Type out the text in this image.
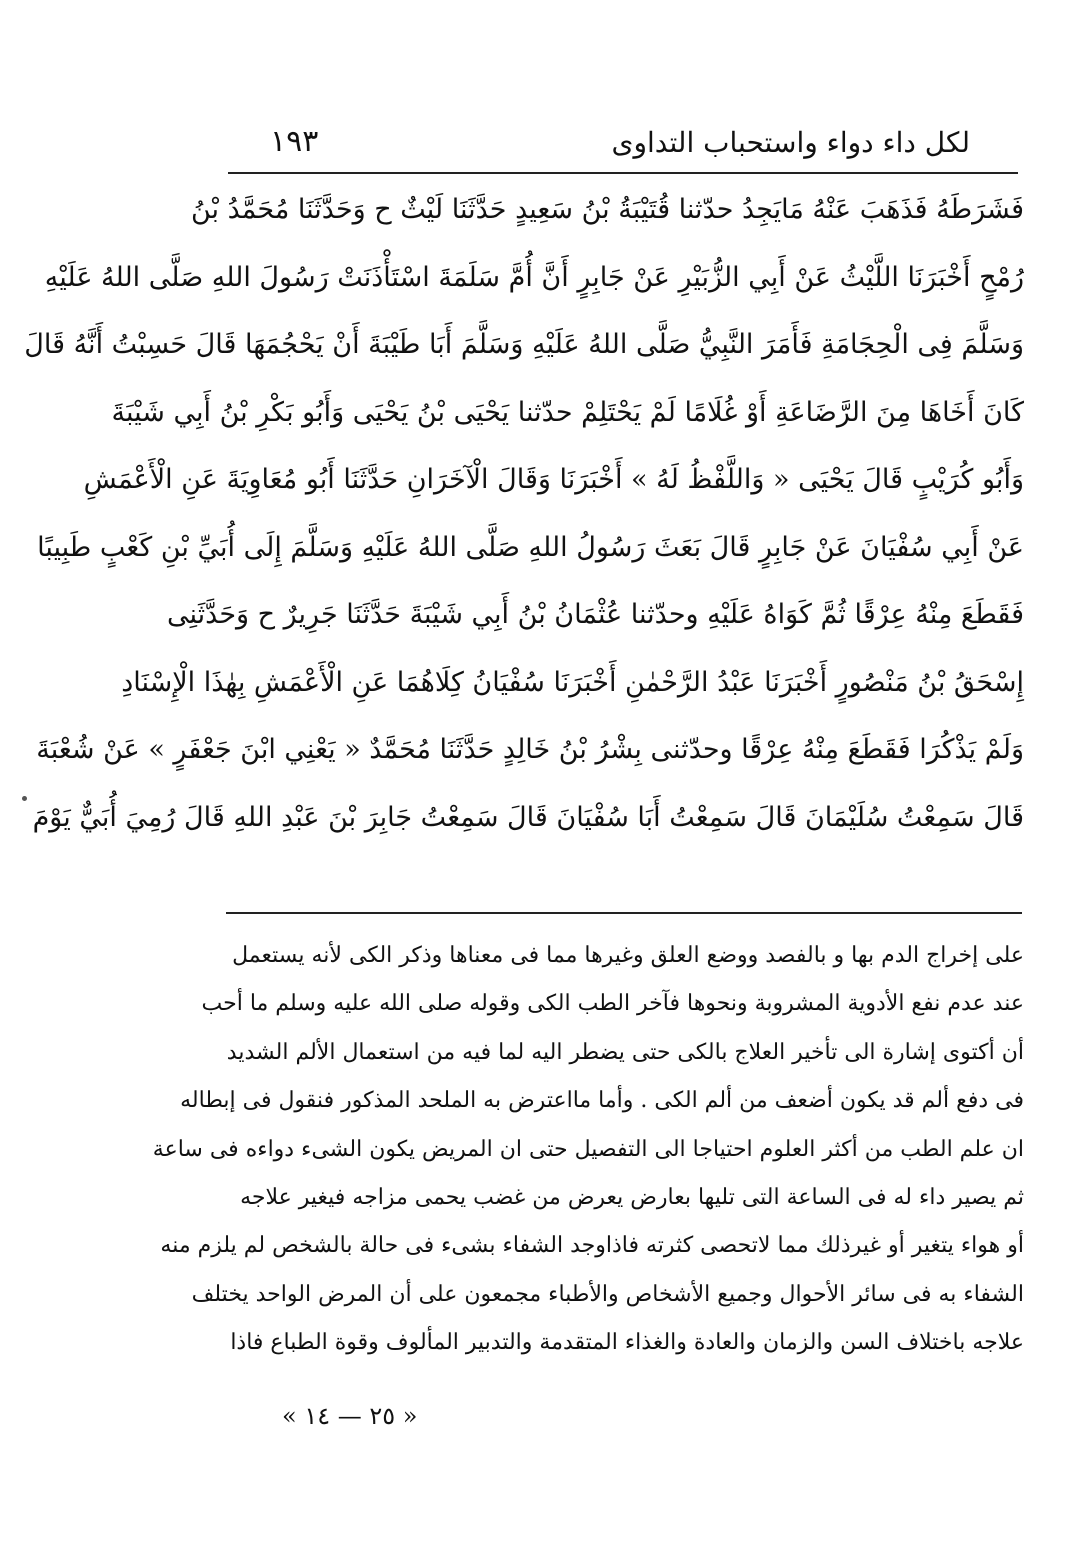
لكل داء دواء واستحباب التداوى
١٩٣
فَشَرَطَهُ فَذَهَبَ عَنْهُ مَايَجِدُ حدّثنا قُتَيْبَةُ بْنُ سَعِيدٍ حَدَّثَنَا لَيْثٌ ح وَحَدَّثَنَا مُحَمَّدُ بْنُ
رُمْحٍ أَخْبَرَنَا اللَّيْثُ عَنْ أَبِي الزُّبَيْرِ عَنْ جَابِرٍ أَنَّ أُمَّ سَلَمَةَ اسْتَأْذَنَتْ رَسُولَ اللهِ صَلَّى اللهُ عَلَيْهِ
وَسَلَّمَ فِى الْحِجَامَةِ فَأَمَرَ النَّبِيُّ صَلَّى اللهُ عَلَيْهِ وَسَلَّمَ أَبَا طَيْبَةَ أَنْ يَحْجُمَهَا قَالَ حَسِبْتُ أَنَّهُ قَالَ
كَانَ أَخَاهَا مِنَ الرَّضَاعَةِ أَوْ غُلَامًا لَمْ يَحْتَلِمْ حدّثنا يَحْيَى بْنُ يَحْيَى وَأَبُو بَكْرِ بْنُ أَبِي شَيْبَةَ
وَأَبُو كُرَيْبٍ قَالَ يَحْيَى « وَاللَّفْظُ لَهُ » أَخْبَرَنَا وَقَالَ الْآخَرَانِ حَدَّثَنَا أَبُو مُعَاوِيَةَ عَنِ الْأَعْمَشِ
عَنْ أَبِي سُفْيَانَ عَنْ جَابِرٍ قَالَ بَعَثَ رَسُولُ اللهِ صَلَّى اللهُ عَلَيْهِ وَسَلَّمَ إِلَى أُبَيِّ بْنِ كَعْبٍ طَبِيبًا
فَقَطَعَ مِنْهُ عِرْقًا ثُمَّ كَوَاهُ عَلَيْهِ وحدّثنا عُثْمَانُ بْنُ أَبِي شَيْبَةَ حَدَّثَنَا جَرِيرٌ ح وَحَدَّثَنِى
إِسْحَقُ بْنُ مَنْصُورٍ أَخْبَرَنَا عَبْدُ الرَّحْمٰنِ أَخْبَرَنَا سُفْيَانُ كِلَاهُمَا عَنِ الْأَعْمَشِ بِهٰذَا الْإِسْنَادِ
وَلَمْ يَذْكُرَا فَقَطَعَ مِنْهُ عِرْقًا وحدّثنى بِشْرُ بْنُ خَالِدٍ حَدَّثَنَا مُحَمَّدٌ « يَعْنِي ابْنَ جَعْفَرٍ » عَنْ شُعْبَةَ
قَالَ سَمِعْتُ سُلَيْمَانَ قَالَ سَمِعْتُ أَبَا سُفْيَانَ قَالَ سَمِعْتُ جَابِرَ بْنَ عَبْدِ اللهِ قَالَ رُمِيَ أُبَيٌّ يَوْمَ
على إخراج الدم بها و بالفصد ووضع العلق وغيرها مما فى معناها وذكر الكى لأنه يستعمل
عند عدم نفع الأدوية المشروبة ونحوها فآخر الطب الكى وقوله صلى الله عليه وسلم ما أحب
أن أكتوى إشارة الى تأخير العلاج بالكى حتى يضطر اليه لما فيه من استعمال الألم الشديد
فى دفع ألم قد يكون أضعف من ألم الكى . وأما مااعترض به الملحد المذكور فنقول فى إبطاله
ان علم الطب من أكثر العلوم احتياجا الى التفصيل حتى ان المريض يكون الشىء دواءه فى ساعة
ثم يصير داء له فى الساعة التى تليها بعارض يعرض من غضب يحمى مزاجه فيغير علاجه
أو هواء يتغير أو غيرذلك مما لاتحصى كثرته فاذاوجد الشفاء بشىء فى حالة بالشخص لم يلزم منه
الشفاء به فى سائر الأحوال وجميع الأشخاص والأطباء مجمعون على أن المرض الواحد يختلف
علاجه باختلاف السن والزمان والعادة والغذاء المتقدمة والتدبير المألوف وقوة الطباع فاذا
« ٢٥ — ١٤ »
